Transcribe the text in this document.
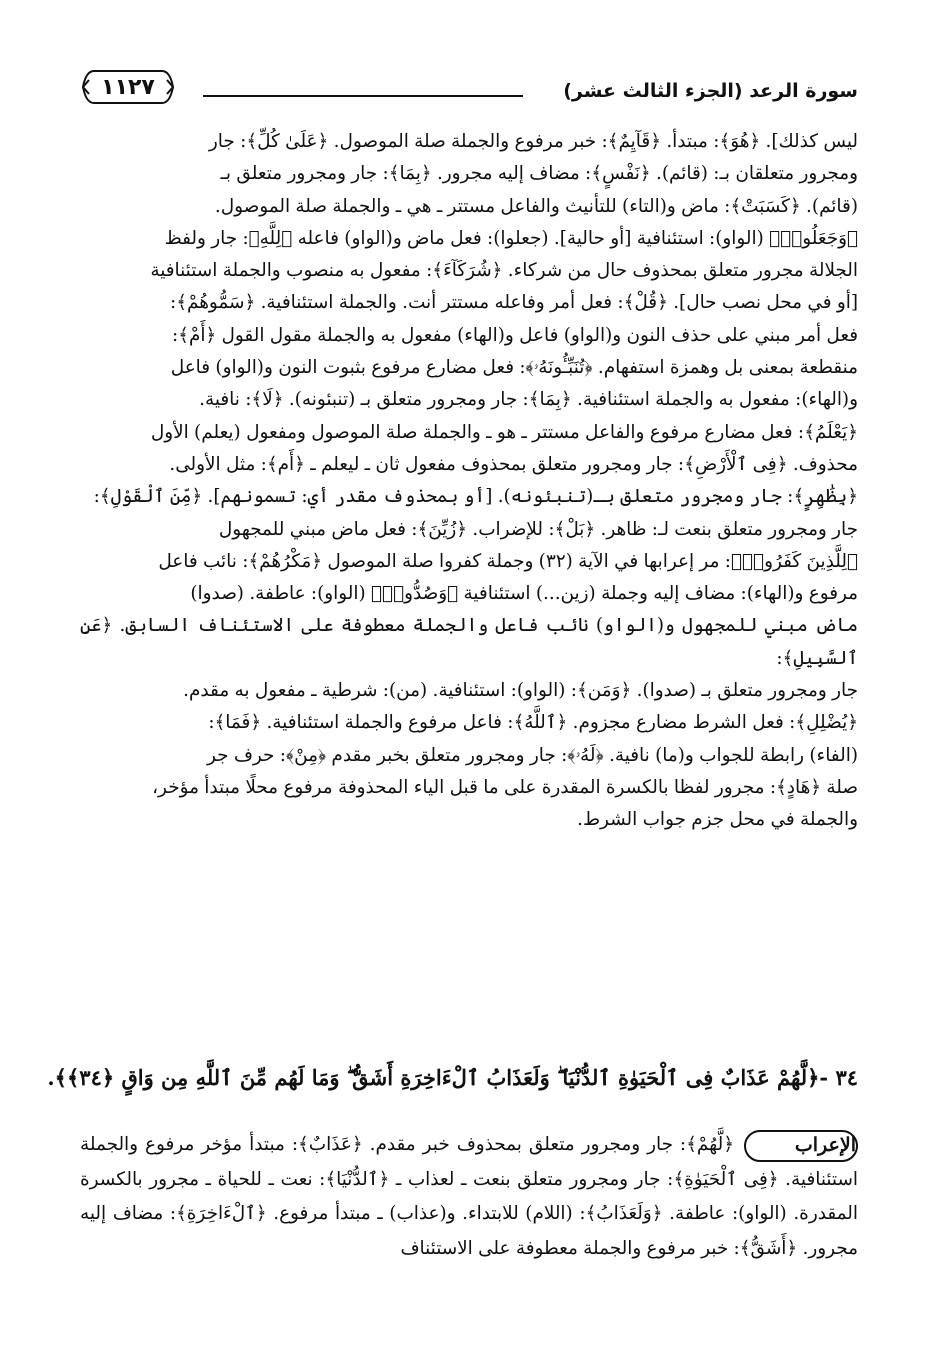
سورة الرعد (الجزء الثالث عشر)
١١٢٧

ليس كذلك]. ﴿هُوَ﴾: مبتدأ. ﴿قَآيِمٌ﴾: خبر مرفوع والجملة صلة الموصول. ﴿عَلَىٰ كُلِّ﴾: جار

ومجرور متعلقان بـ: (قائم). ﴿نَفْسٍ﴾: مضاف إليه مجرور. ﴿بِمَا﴾: جار ومجرور متعلق بـ

(قائم). ﴿كَسَبَتْ﴾: ماض و(التاء) للتأنيث والفاعل مستتر ـ هي ـ والجملة صلة الموصول.

﴿وَجَعَلُوا۟﴾ (الواو): استئنافية [أو حالية]. (جعلوا): فعل ماض و(الواو) فاعله ﴿لِلَّهِ﴾: جار ولفظ

الجلالة مجرور متعلق بمحذوف حال من شركاء. ﴿شُرَكَآءَ﴾: مفعول به منصوب والجملة استئنافية

[أو في محل نصب حال]. ﴿قُلْ﴾: فعل أمر وفاعله مستتر أنت. والجملة استئنافية. ﴿سَمُّوهُمْ﴾:

فعل أمر مبني على حذف النون و(الواو) فاعل و(الهاء) مفعول به والجملة مقول القول ﴿أَمْ﴾:

منقطعة بمعنى بل وهمزة استفهام. ﴿تُنَبِّـُٔونَهُۥ﴾: فعل مضارع مرفوع بثبوت النون و(الواو) فاعل

و(الهاء): مفعول به والجملة استئنافية. ﴿بِمَا﴾: جار ومجرور متعلق بـ (تنبئونه). ﴿لَا﴾: نافية.

﴿يَعْلَمُ﴾: فعل مضارع مرفوع والفاعل مستتر ـ هو ـ والجملة صلة الموصول ومفعول (يعلم) الأول

محذوف. ﴿فِى ٱلْأَرْضِ﴾: جار ومجرور متعلق بمحذوف مفعول ثان ـ ليعلم ـ ﴿أَم﴾: مثل الأولى.

﴿بِظَٰهِرٍ﴾: جار ومجرور متعلق بـ(تنبئونه). [أو بمحذوف مقدر أي: تسمونهم]. ﴿مِّنَ ٱلْقَوْلِ﴾:

جار ومجرور متعلق بنعت لـ: ظاهر. ﴿بَلْ﴾: للإضراب. ﴿زُيِّنَ﴾: فعل ماض مبني للمجهول

﴿لِلَّذِينَ كَفَرُوا۟﴾: مر إعرابها في الآية (٣٢) وجملة كفروا صلة الموصول ﴿مَكْرُهُمْ﴾: نائب فاعل

مرفوع و(الهاء): مضاف إليه وجملة (زين...) استئنافية ﴿وَصُدُّوا۟﴾ (الواو): عاطفة. (صدوا)

ماض مبني للمجهول و(الواو) نائب فاعل والجملة معطوفة على الاستئناف السابق. ﴿عَنِ ٱلسَّبِيلِ﴾:

جار ومجرور متعلق بـ (صدوا). ﴿وَمَن﴾: (الواو): استئنافية. (من): شرطية ـ مفعول به مقدم.

﴿يُضْلِلِ﴾: فعل الشرط مضارع مجزوم. ﴿ٱللَّهُ﴾: فاعل مرفوع والجملة استئنافية. ﴿فَمَا﴾:

(الفاء) رابطة للجواب و(ما) نافية. ﴿لَهُۥ﴾: جار ومجرور متعلق بخبر مقدم ﴿مِنْ﴾: حرف جر

صلة ﴿هَادٍ﴾: مجرور لفظا بالكسرة المقدرة على ما قبل الياء المحذوفة مرفوع محلًا مبتدأ مؤخر،

والجملة في محل جزم جواب الشرط.

٣٤ -﴿لَّهُمْ عَذَابٌ فِى ٱلْحَيَوٰةِ ٱلدُّنْيَا ۖ وَلَعَذَابُ ٱلْءَاخِرَةِ أَشَقُّ ۖ وَمَا لَهُم مِّنَ ٱللَّهِ مِن وَاقٍ ﴿٣٤﴾﴾.
الإعراب
﴿لَّهُمْ﴾: جار ومجرور متعلق بمحذوف خبر مقدم. ﴿عَذَابٌ﴾: مبتدأ مؤخر مرفوع والجملة استئنافية. ﴿فِى ٱلْحَيَوٰةِ﴾: جار ومجرور متعلق بنعت ـ لعذاب ـ ﴿ٱلدُّنْيَا﴾: نعت ـ للحياة ـ مجرور بالكسرة المقدرة. (الواو): عاطفة. ﴿وَلَعَذَابُ﴾: (اللام) للابتداء. و(عذاب) ـ مبتدأ مرفوع. ﴿ٱلْءَاخِرَةِ﴾: مضاف إليه مجرور. ﴿أَشَقُّ﴾: خبر مرفوع والجملة معطوفة على الاستئناف
